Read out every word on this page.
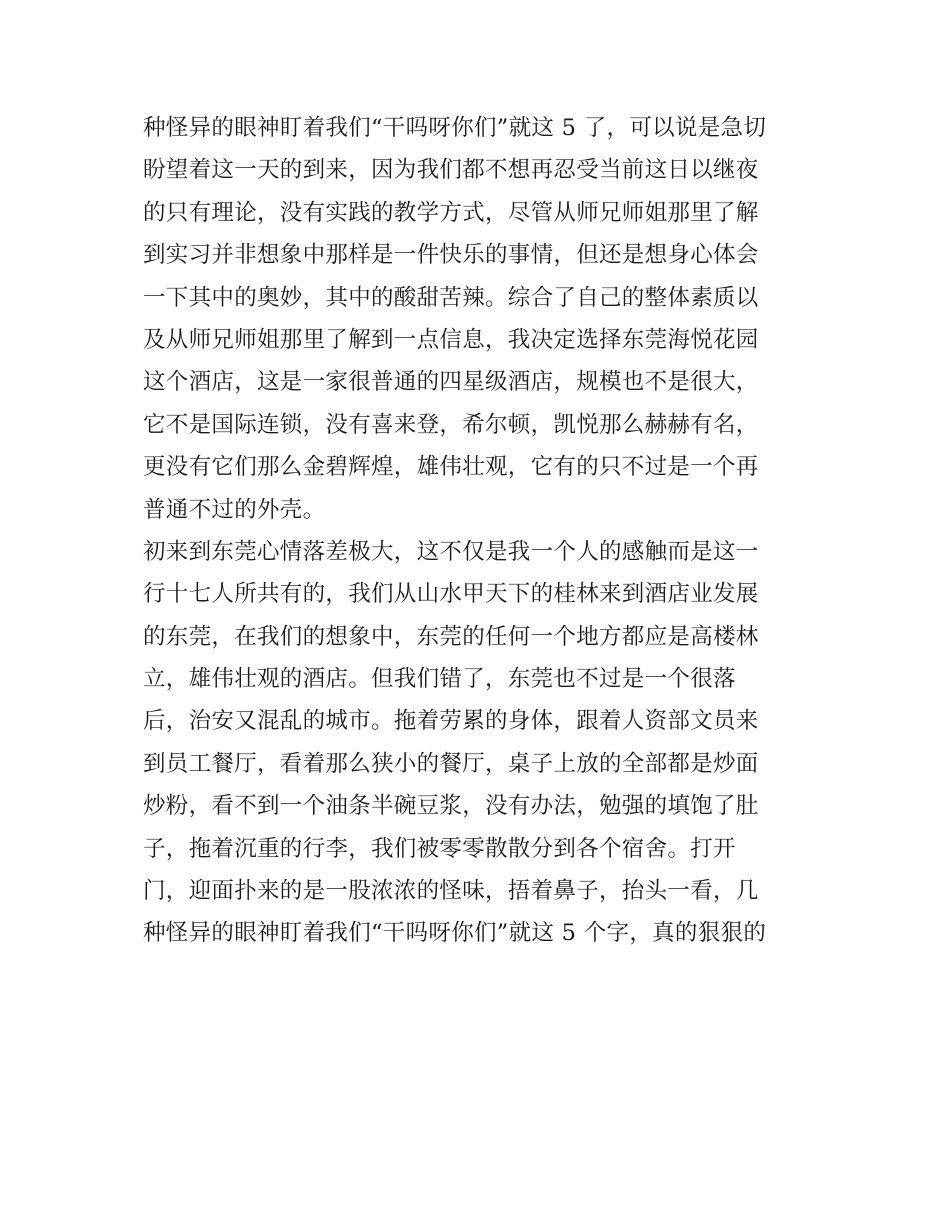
种怪异的眼神盯着我们“干吗呀你们”就这 5 了，可以说是急切
盼望着这一天的到来，因为我们都不想再忍受当前这日以继夜
的只有理论，没有实践的教学方式，尽管从师兄师姐那里了解
到实习并非想象中那样是一件快乐的事情，但还是想身心体会
一下其中的奥妙，其中的酸甜苦辣。综合了自己的整体素质以
及从师兄师姐那里了解到一点信息，我决定选择东莞海悦花园
这个酒店，这是一家很普通的四星级酒店，规模也不是很大，
它不是国际连锁，没有喜来登，希尔顿，凯悦那么赫赫有名，
更没有它们那么金碧辉煌，雄伟壮观，它有的只不过是一个再
普通不过的外壳。
初来到东莞心情落差极大，这不仅是我一个人的感触而是这一
行十七人所共有的，我们从山水甲天下的桂林来到酒店业发展
的东莞，在我们的想象中，东莞的任何一个地方都应是高楼林
立，雄伟壮观的酒店。但我们错了，东莞也不过是一个很落
后，治安又混乱的城市。拖着劳累的身体，跟着人资部文员来
到员工餐厅，看着那么狭小的餐厅，桌子上放的全部都是炒面
炒粉，看不到一个油条半碗豆浆，没有办法，勉强的填饱了肚
子，拖着沉重的行李，我们被零零散散分到各个宿舍。打开
门，迎面扑来的是一股浓浓的怪味，捂着鼻子，抬头一看，几
种怪异的眼神盯着我们“干吗呀你们”就这 5 个字，真的狠狠的
